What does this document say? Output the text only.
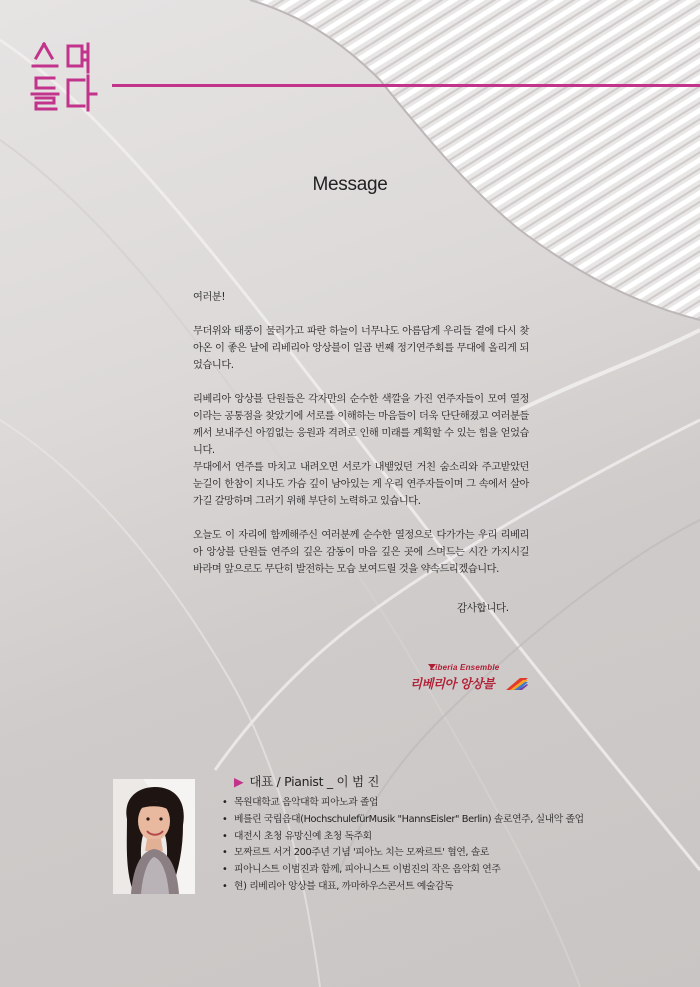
Message

여러분!

무더위와 태풍이 물러가고 파란 하늘이 너무나도 아름답게 우리들 곁에 다시 찾아온 이 좋은 날에 리베리아 앙상블이 일곱 번째 정기연주회를 무대에 올리게 되었습니다.

리베리아 앙상블 단원들은 각자만의 순수한 색깔을 가진 연주자들이 모여 열정이라는 공통점을 찾았기에 서로를 이해하는 마음들이 더욱 단단해졌고 여러분들께서 보내주신 아낌없는 응원과 격려로 인해 미래를 계획할 수 있는 힘을 얻었습니다.

무대에서 연주를 마치고 내려오면 서로가 내뱉었던 거친 숨소리와 주고받았던 눈길이 한참이 지나도 가슴 깊이 남아있는 게 우리 연주자들이며 그 속에서 살아가길 갈망하며 그러기 위해 부단히 노력하고 있습니다.

오늘도 이 자리에 함께해주신 여러분께 순수한 열정으로 다가가는 우리 리베리아 앙상블 단원들 연주의 깊은 감동이 마음 깊은 곳에 스며드는 시간 가지시길 바라며 앞으로도 무단히 발전하는 모습 보여드릴 것을 약속드리겠습니다.

감사합니다.
Liberia Ensemble
리베리아 앙상블
▶ 대표 / Pianist _ 이 범 진
• 목원대학교 음악대학 피아노과 졸업
• 베를린 국립음대(HochschulefürMusik "HannsEisler" Berlin) 솔로연주, 실내악 졸업
• 대전시 초청 유망신예 초청 독주회
• 모짜르트 서거 200주년 기념 '피아노 치는 모짜르트' 협연, 솔로
• 피아니스트 이범진과 함께, 피아니스트 이범진의 작은 음악회 연주
• 현) 리베리아 앙상블 대표, 까마하우스콘서트 예술감독
